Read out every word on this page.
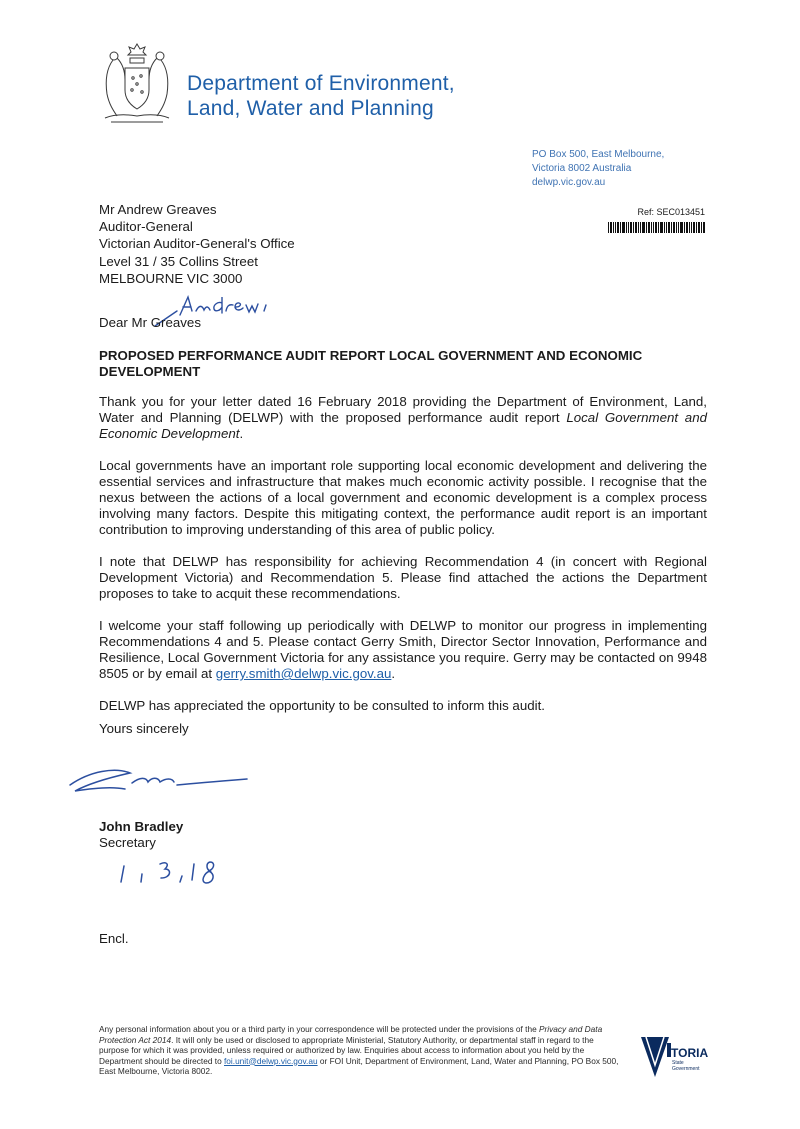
Department of Environment,
Land, Water and Planning
PO Box 500, East Melbourne,
Victoria 8002 Australia
delwp.vic.gov.au
Ref: SEC013451
Mr Andrew Greaves
Auditor-General
Victorian Auditor-General's Office
Level 31 / 35 Collins Street
MELBOURNE VIC 3000
Dear Mr Greaves
PROPOSED PERFORMANCE AUDIT REPORT LOCAL GOVERNMENT AND ECONOMIC DEVELOPMENT

Thank you for your letter dated 16 February 2018 providing the Department of Environment, Land, Water and Planning (DELWP) with the proposed performance audit report Local Government and Economic Development.

Local governments have an important role supporting local economic development and delivering the essential services and infrastructure that makes much economic activity possible. I recognise that the nexus between the actions of a local government and economic development is a complex process involving many factors. Despite this mitigating context, the performance audit report is an important contribution to improving understanding of this area of public policy.

I note that DELWP has responsibility for achieving Recommendation 4 (in concert with Regional Development Victoria) and Recommendation 5. Please find attached the actions the Department proposes to take to acquit these recommendations.

I welcome your staff following up periodically with DELWP to monitor our progress in implementing Recommendations 4 and 5. Please contact Gerry Smith, Director Sector Innovation, Performance and Resilience, Local Government Victoria for any assistance you require. Gerry may be contacted on 9948 8505 or by email at gerry.smith@delwp.vic.gov.au.

DELWP has appreciated the opportunity to be consulted to inform this audit.

Yours sincerely
John Bradley
Secretary
Encl.
Any personal information about you or a third party in your correspondence will be protected under the provisions of the Privacy and Data Protection Act 2014. It will only be used or disclosed to appropriate Ministerial, Statutory Authority, or departmental staff in regard to the purpose for which it was provided, unless required or authorized by law. Enquiries about access to information about you held by the Department should be directed to foi.unit@delwp.vic.gov.au or FOI Unit, Department of Environment, Land, Water and Planning, PO Box 500, East Melbourne, Victoria 8002.
TORIA
State
Government
